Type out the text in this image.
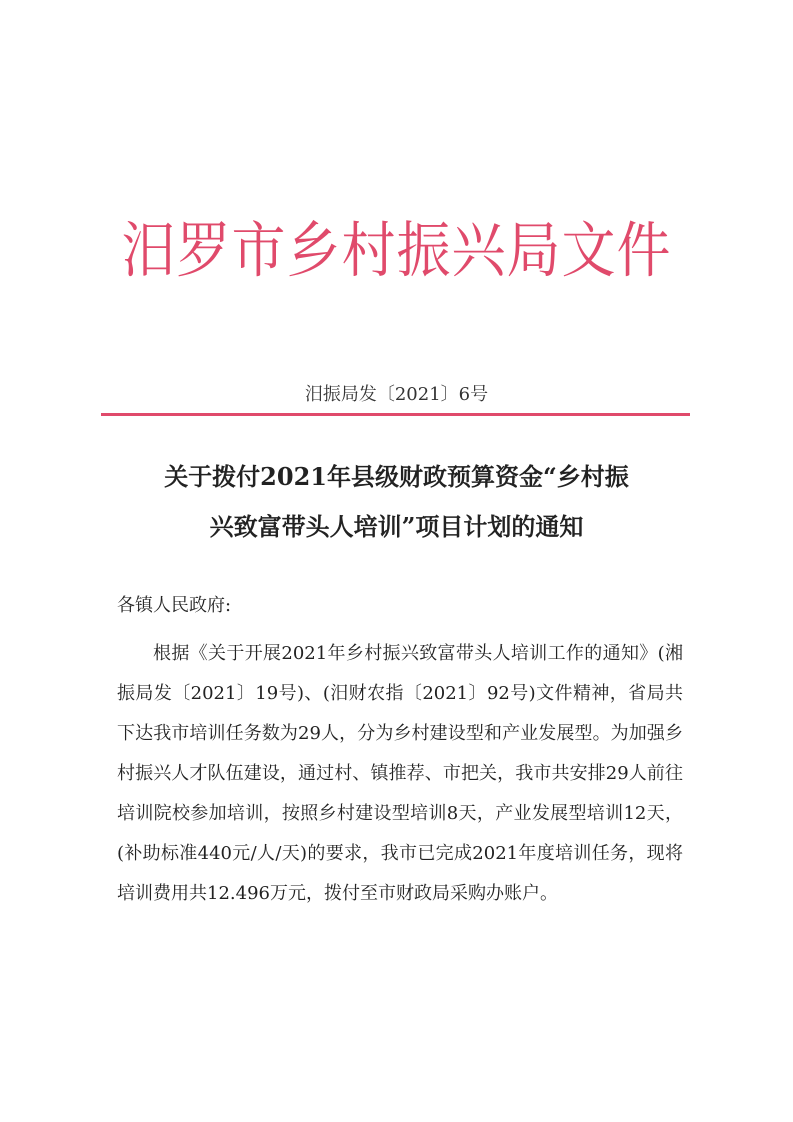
汨罗市乡村振兴局文件
汨振局发〔2021〕6号
关于拨付2021年县级财政预算资金“乡村振
兴致富带头人培训”项目计划的通知
各镇人民政府:
根据《关于开展2021年乡村振兴致富带头人培训工作的通知》(湘振局发〔2021〕19号)、(汨财农指〔2021〕92号)文件精神，省局共下达我市培训任务数为29人，分为乡村建设型和产业发展型。为加强乡村振兴人才队伍建设，通过村、镇推荐、市把关，我市共安排29人前往培训院校参加培训，按照乡村建设型培训8天，产业发展型培训12天，(补助标准440元/人/天)的要求，我市已完成2021年度培训任务，现将培训费用共12.496万元，拨付至市财政局采购办账户。
